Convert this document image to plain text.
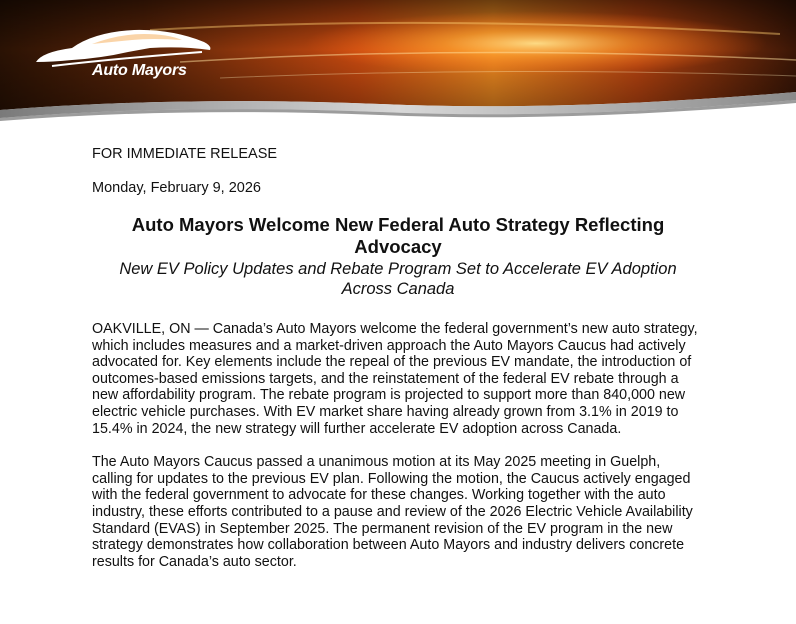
Auto Mayors

FOR IMMEDIATE RELEASE

Monday, February 9, 2026

Auto Mayors Welcome New Federal Auto Strategy Reflecting Advocacy

New EV Policy Updates and Rebate Program Set to Accelerate EV Adoption Across Canada

OAKVILLE, ON — Canada’s Auto Mayors welcome the federal government’s new auto strategy, which includes measures and a market-driven approach the Auto Mayors Caucus had actively advocated for. Key elements include the repeal of the previous EV mandate, the introduction of outcomes-based emissions targets, and the reinstatement of the federal EV rebate through a new affordability program. The rebate program is projected to support more than 840,000 new electric vehicle purchases. With EV market share having already grown from 3.1% in 2019 to 15.4% in 2024, the new strategy will further accelerate EV adoption across Canada.

The Auto Mayors Caucus passed a unanimous motion at its May 2025 meeting in Guelph, calling for updates to the previous EV plan. Following the motion, the Caucus actively engaged with the federal government to advocate for these changes. Working together with the auto industry, these efforts contributed to a pause and review of the 2026 Electric Vehicle Availability Standard (EVAS) in September 2025. The permanent revision of the EV program in the new strategy demonstrates how collaboration between Auto Mayors and industry delivers concrete results for Canada’s auto sector.
